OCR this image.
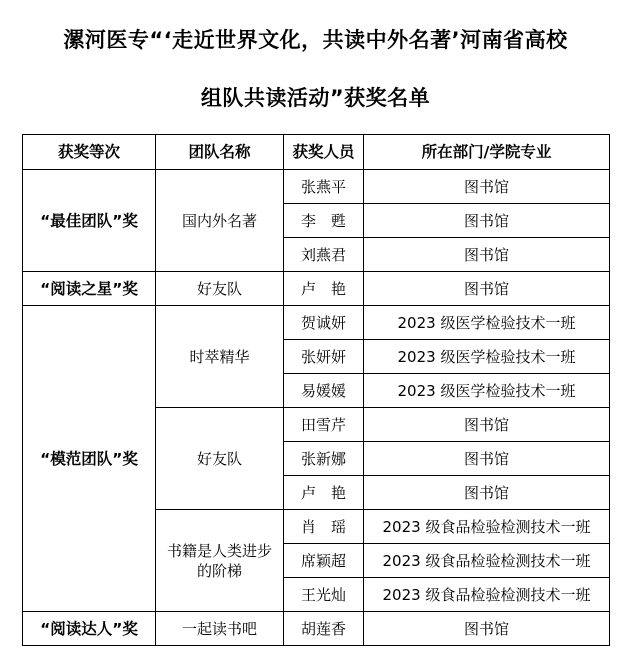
漯河医专“‘走近世界文化，共读中外名著’河南省高校
组队共读活动”获奖名单
获奖等次	团队名称	获奖人员	所在部门/学院专业
“最佳团队”奖	国内外名著	张燕平	图书馆
		李　甦	图书馆
		刘燕君	图书馆
“阅读之星”奖	好友队	卢　艳	图书馆
“模范团队”奖	时萃精华	贺诚妍	2023 级医学检验技术一班
		张妍妍	2023 级医学检验技术一班
		易媛媛	2023 级医学检验技术一班
	好友队	田雪芹	图书馆
		张新娜	图书馆
		卢　艳	图书馆
	书籍是人类进步的阶梯	肖　瑶	2023 级食品检验检测技术一班
		席颖超	2023 级食品检验检测技术一班
		王光灿	2023 级食品检验检测技术一班
“阅读达人”奖	一起读书吧	胡莲香	图书馆
